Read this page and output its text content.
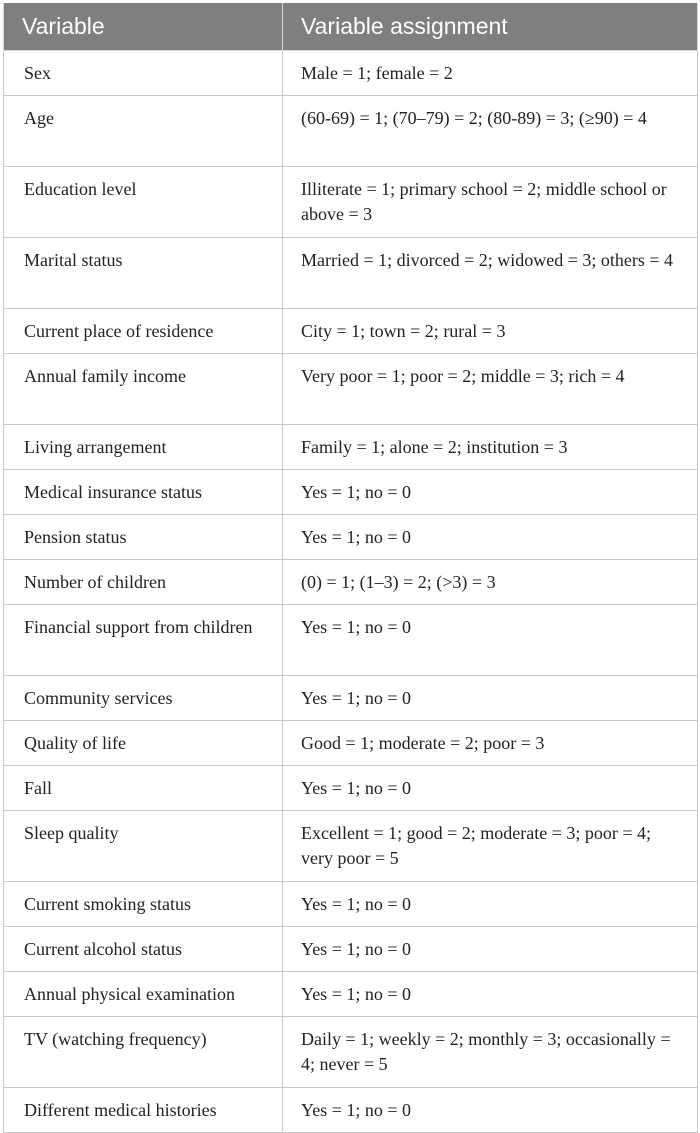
Variable	Variable assignment
Sex	Male = 1; female = 2
Age	(60-69) = 1; (70–79) = 2; (80-89) = 3; (≥90) = 4
Education level	Illiterate = 1; primary school = 2; middle school or above = 3
Marital status	Married = 1; divorced = 2; widowed = 3; others = 4
Current place of residence	City = 1; town = 2; rural = 3
Annual family income	Very poor = 1; poor = 2; middle = 3; rich = 4
Living arrangement	Family = 1; alone = 2; institution = 3
Medical insurance status	Yes = 1; no = 0
Pension status	Yes = 1; no = 0
Number of children	(0) = 1; (1–3) = 2; (>3) = 3
Financial support from children	Yes = 1; no = 0
Community services	Yes = 1; no = 0
Quality of life	Good = 1; moderate = 2; poor = 3
Fall	Yes = 1; no = 0
Sleep quality	Excellent = 1; good = 2; moderate = 3; poor = 4; very poor = 5
Current smoking status	Yes = 1; no = 0
Current alcohol status	Yes = 1; no = 0
Annual physical examination	Yes = 1; no = 0
TV (watching frequency)	Daily = 1; weekly = 2; monthly = 3; occasionally = 4; never = 5
Different medical histories	Yes = 1; no = 0
